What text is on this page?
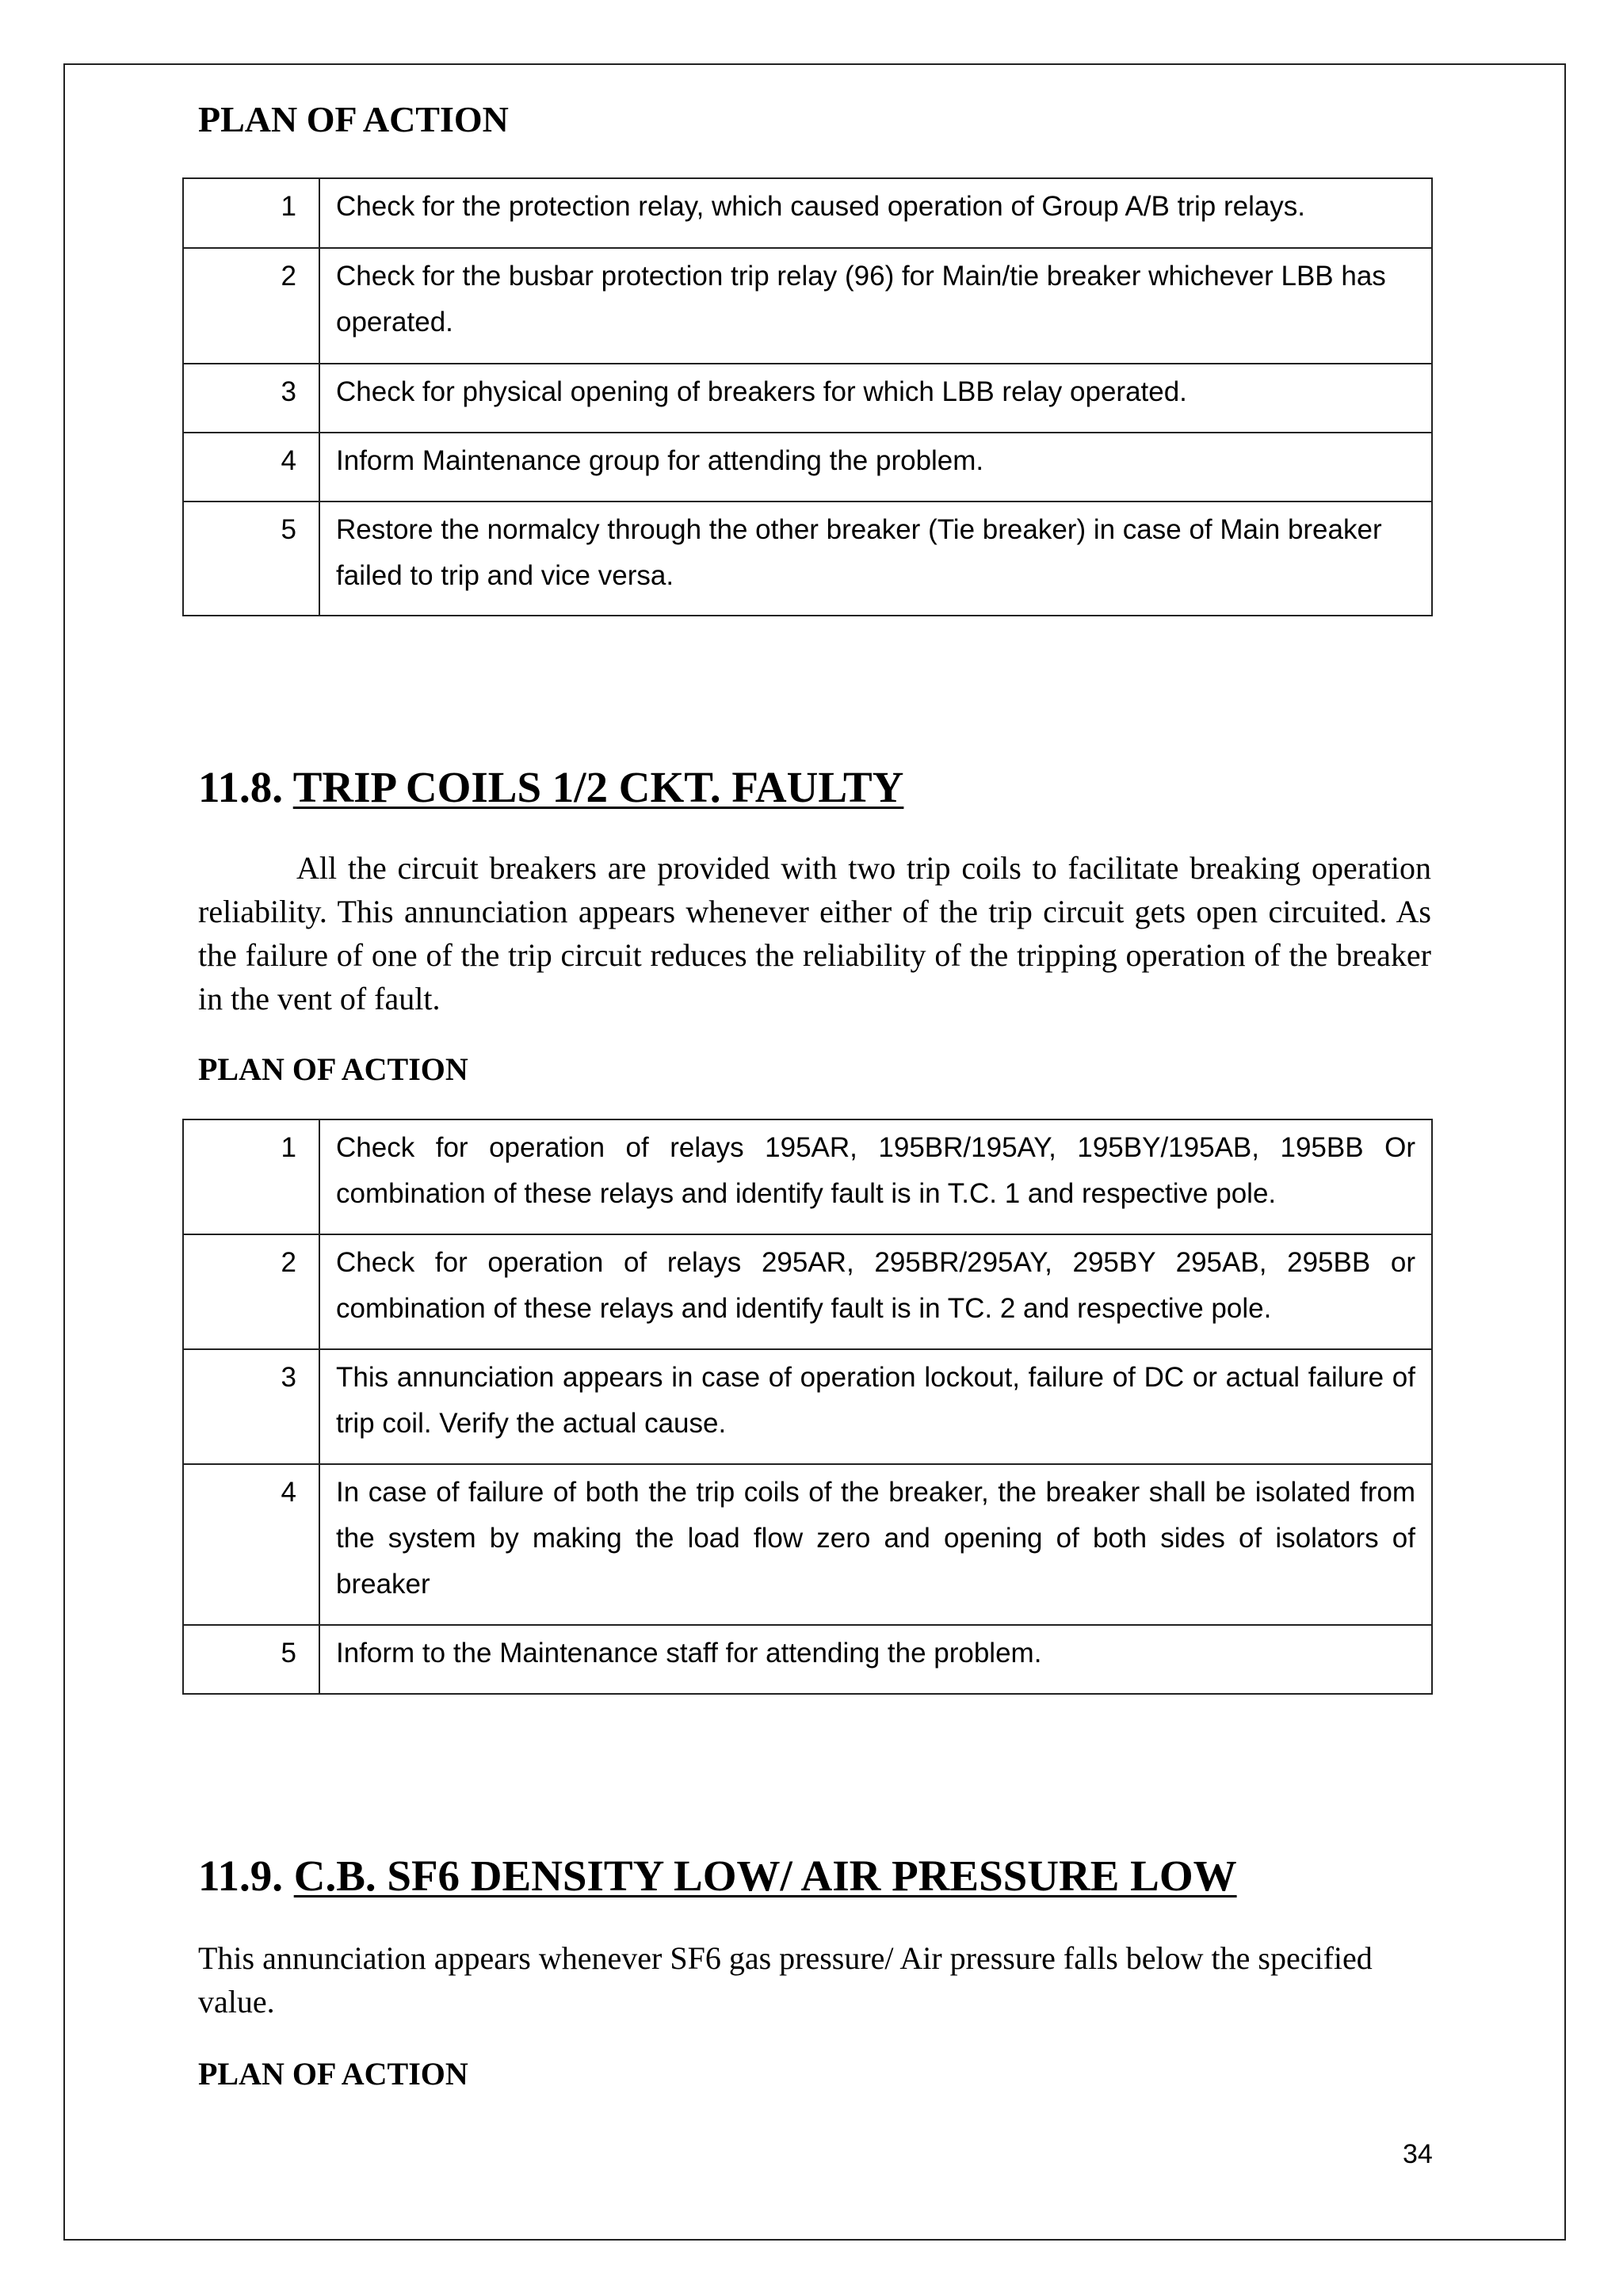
PLAN OF ACTION
1	Check for the protection relay, which caused operation of Group A/B trip relays.
2	Check for the busbar protection trip relay (96) for Main/tie breaker whichever LBB has operated.
3	Check for physical opening of breakers for which LBB relay operated.
4	Inform Maintenance group for attending the problem.
5	Restore the normalcy through the other breaker (Tie breaker) in case of Main breaker failed to trip and vice versa.
11.8. TRIP COILS 1/2 CKT. FAULTY
All the circuit breakers are provided with two trip coils to facilitate breaking operation reliability. This annunciation appears whenever either of the trip circuit gets open circuited. As the failure of one of the trip circuit reduces the reliability of the tripping operation of the breaker in the vent of fault.
PLAN OF ACTION
1	Check for operation of relays 195AR, 195BR/195AY, 195BY/195AB, 195BB Or combination of these relays and identify fault is in T.C. 1 and respective pole.
2	Check for operation of relays 295AR, 295BR/295AY, 295BY 295AB, 295BB or combination of these relays and identify fault is in TC. 2 and respective pole.
3	This annunciation appears in case of operation lockout, failure of DC or actual failure of trip coil. Verify the actual cause.
4	In case of failure of both the trip coils of the breaker, the breaker shall be isolated from the system by making the load flow zero and opening of both sides of isolators of breaker
5	Inform to the Maintenance staff for attending the problem.
11.9. C.B. SF6 DENSITY LOW/ AIR PRESSURE LOW
This annunciation appears whenever SF6 gas pressure/ Air pressure falls below the specified value.
PLAN OF ACTION
34
